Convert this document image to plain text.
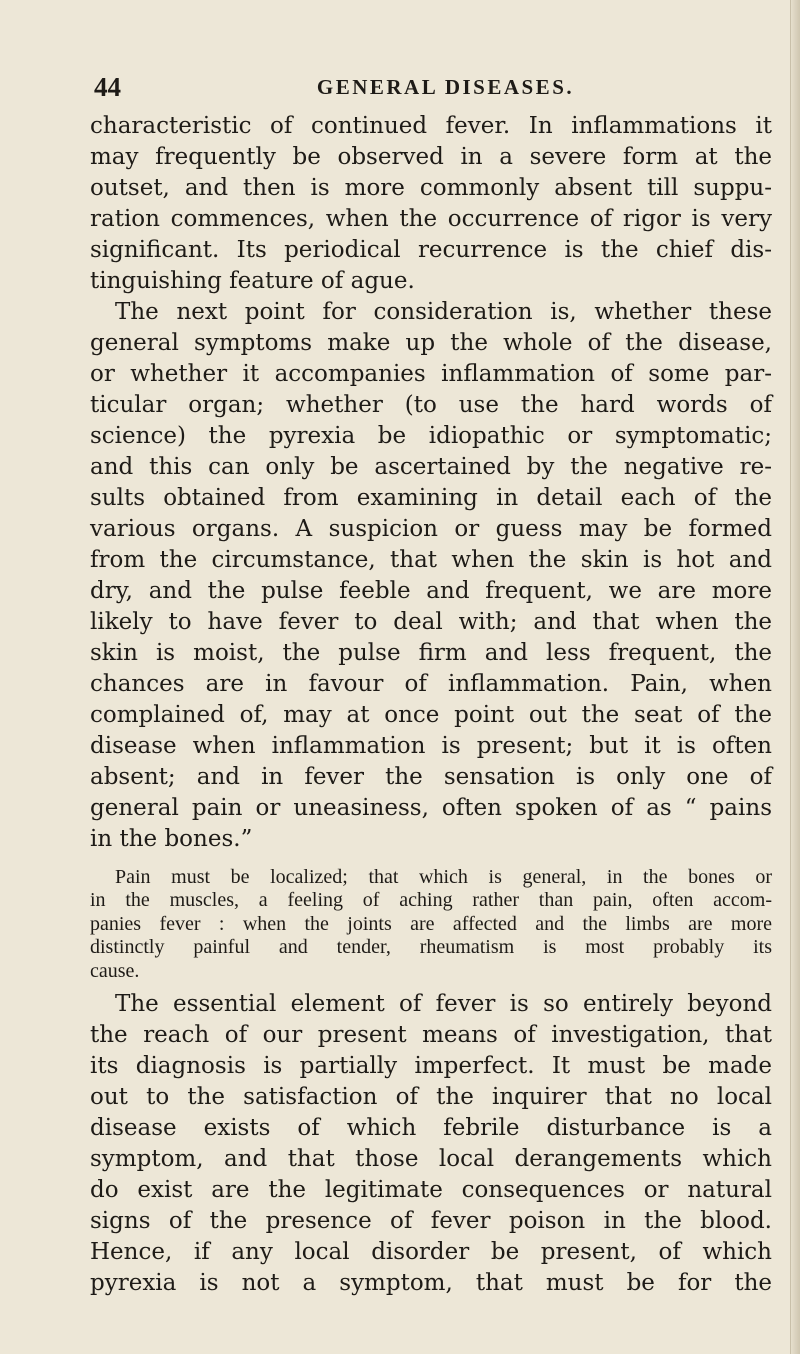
44	GENERAL DISEASES.
characteristic of continued fever. In inflammations it
may frequently be observed in a severe form at the
outset, and then is more commonly absent till suppu-
ration commences, when the occurrence of rigor is very
significant. Its periodical recurrence is the chief dis-
tinguishing feature of ague.
The next point for consideration is, whether these
general symptoms make up the whole of the disease,
or whether it accompanies inflammation of some par-
ticular organ; whether (to use the hard words of
science) the pyrexia be idiopathic or symptomatic;
and this can only be ascertained by the negative re-
sults obtained from examining in detail each of the
various organs. A suspicion or guess may be formed
from the circumstance, that when the skin is hot and
dry, and the pulse feeble and frequent, we are more
likely to have fever to deal with; and that when the
skin is moist, the pulse firm and less frequent, the
chances are in favour of inflammation. Pain, when
complained of, may at once point out the seat of the
disease when inflammation is present; but it is often
absent; and in fever the sensation is only one of
general pain or uneasiness, often spoken of as “ pains
in the bones.”
Pain must be localized; that which is general, in the bones or
in the muscles, a feeling of aching rather than pain, often accom-
panies fever : when the joints are affected and the limbs are more
distinctly painful and tender, rheumatism is most probably its
cause.
The essential element of fever is so entirely beyond
the reach of our present means of investigation, that
its diagnosis is partially imperfect. It must be made
out to the satisfaction of the inquirer that no local
disease exists of which febrile disturbance is a
symptom, and that those local derangements which
do exist are the legitimate consequences or natural
signs of the presence of fever poison in the blood.
Hence, if any local disorder be present, of which
pyrexia is not a symptom, that must be for the
